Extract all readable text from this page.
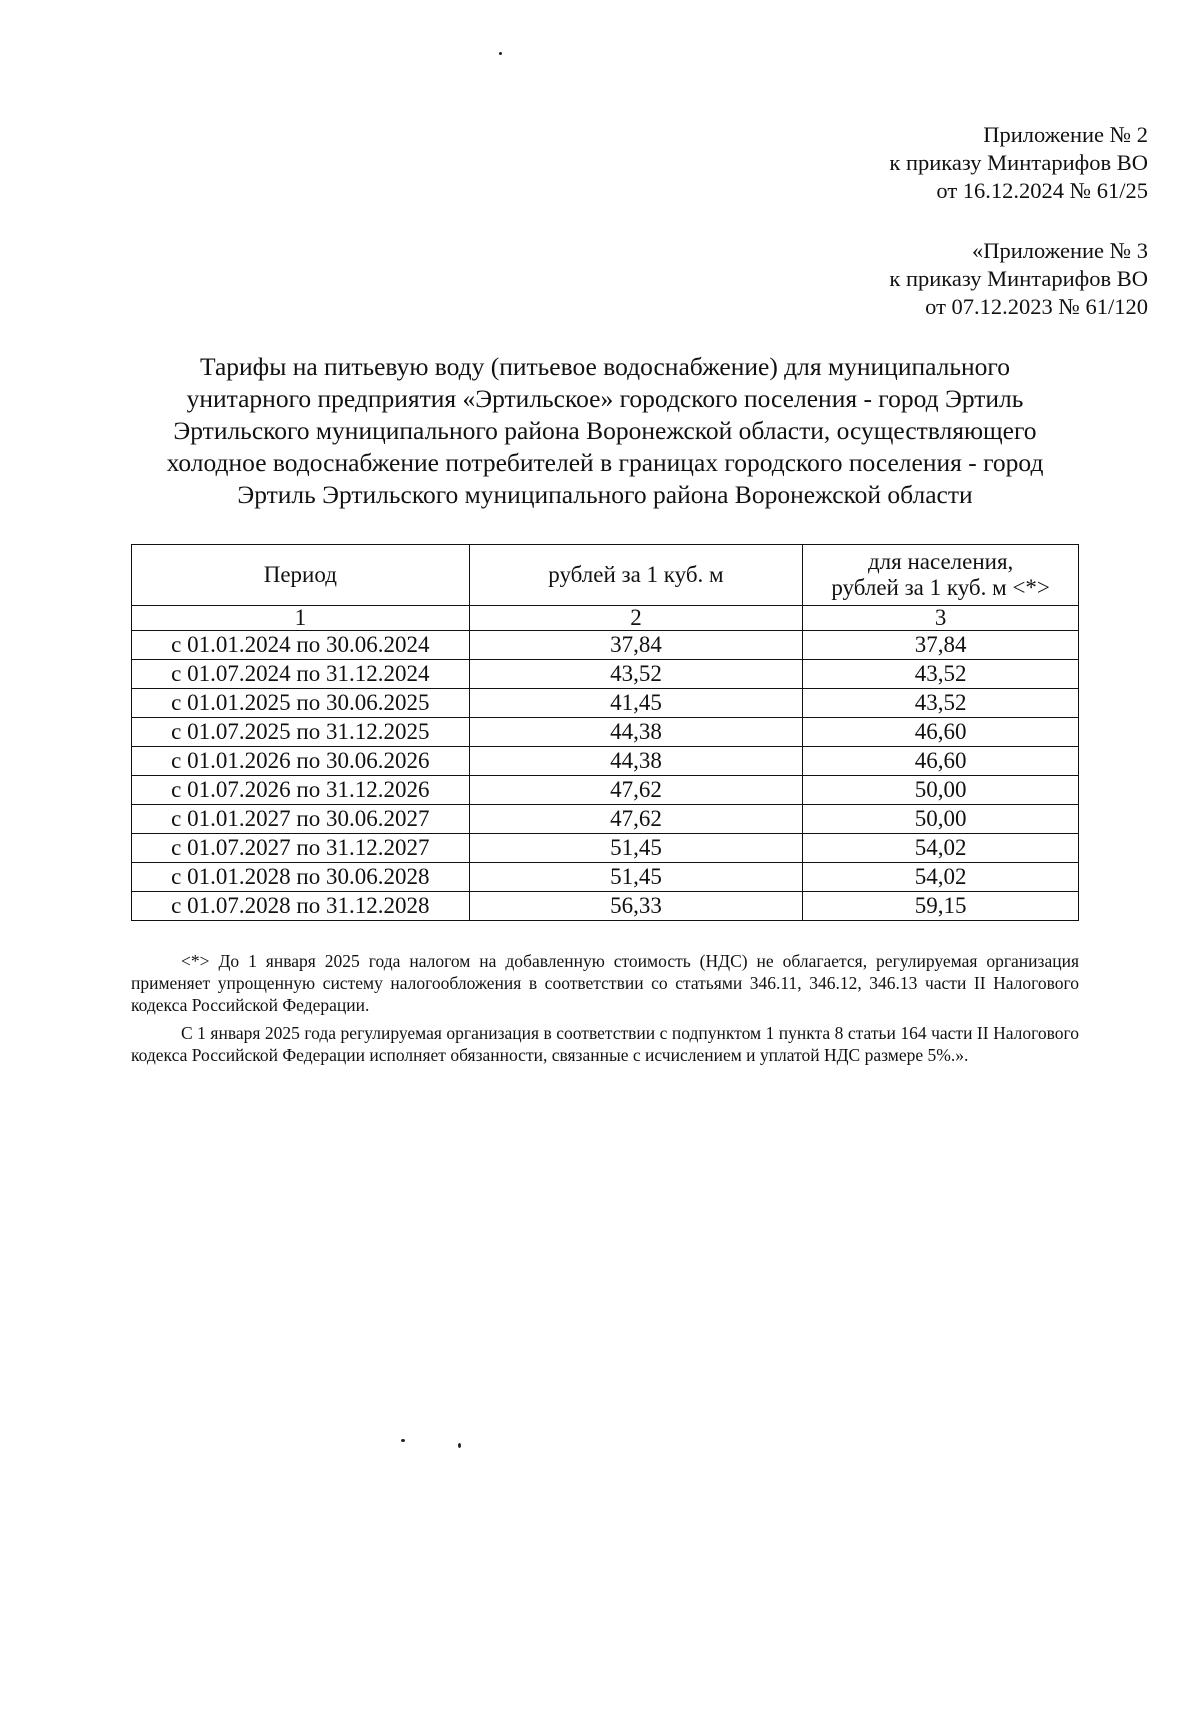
Приложение № 2
к приказу Минтарифов ВО
от 16.12.2024 № 61/25
«Приложение № 3
к приказу Минтарифов ВО
от 07.12.2023 № 61/120
Тарифы на питьевую воду (питьевое водоснабжение) для муниципального
унитарного предприятия «Эртильское» городского поселения - город Эртиль
Эртильского муниципального района Воронежской области, осуществляющего
холодное водоснабжение потребителей в границах городского поселения - город
Эртиль Эртильского муниципального района Воронежской области
Период	рублей за 1 куб. м	для населения,
рублей за 1 куб. м <*>

1	2	3
с 01.01.2024 по 30.06.2024	37,84	37,84
с 01.07.2024 по 31.12.2024	43,52	43,52
с 01.01.2025 по 30.06.2025	41,45	43,52
с 01.07.2025 по 31.12.2025	44,38	46,60
с 01.01.2026 по 30.06.2026	44,38	46,60
с 01.07.2026 по 31.12.2026	47,62	50,00
с 01.01.2027 по 30.06.2027	47,62	50,00
с 01.07.2027 по 31.12.2027	51,45	54,02
с 01.01.2028 по 30.06.2028	51,45	54,02
с 01.07.2028 по 31.12.2028	56,33	59,15

<*> До 1 января 2025 года налогом на добавленную стоимость (НДС) не облагается, регулируемая организация применяет упрощенную систему налогообложения в соответствии со статьями 346.11, 346.12, 346.13 части II Налогового кодекса Российской Федерации.

С 1 января 2025 года регулируемая организация в соответствии с подпунктом 1 пункта 8 статьи 164 части II Налогового кодекса Российской Федерации исполняет обязанности, связанные с исчислением и уплатой НДС размере 5%.».
